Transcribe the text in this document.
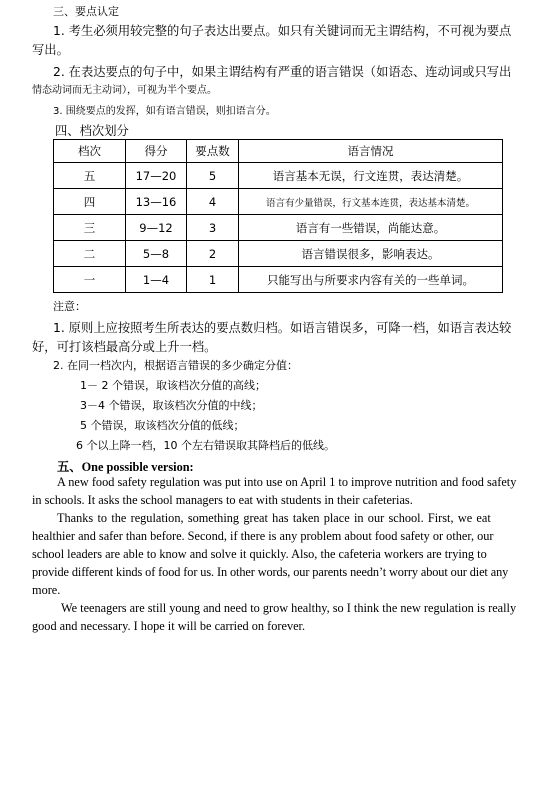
三、要点认定
1. 考生必须用较完整的句子表达出要点。如只有关键词而无主谓结构，不可视为要点
写出。
2. 在表达要点的句子中，如果主谓结构有严重的语言错误（如语态、连动词或只写出
情态动词而无主动词），可视为半个要点。
3. 围绕要点的发挥，如有语言错误，则扣语言分。
四、档次划分
档次	得分	要点数	语言情况
五	17—20	5	语言基本无误，行文连贯，表达清楚。
四	13—16	4	语言有少量错误，行文基本连贯，表达基本清楚。
三	9—12	3	语言有一些错误，尚能达意。
二	5—8	2	语言错误很多，影响表达。
一	1—4	1	只能写出与所要求内容有关的一些单词。
注意：
1. 原则上应按照考生所表达的要点数归档。如语言错误多，可降一档，如语言表达较
好，可打该档最高分或上升一档。
2. 在同一档次内，根据语言错误的多少确定分值：
1－ 2 个错误，取该档次分值的高线；
3－4 个错误，取该档次分值的中线；
5 个错误，取该档次分值的低线；
6 个以上降一档，10 个左右错误取其降档后的低线。
五、One possible version:
A new food safety regulation was put into use on April 1 to improve nutrition and food safety
in schools. It asks the school managers to eat with students in their cafeterias.
Thanks to the regulation, something great has taken place in our school. First, we eat
healthier and safer than before. Second, if there is any problem about food safety or other, our
school leaders are able to know and solve it quickly. Also, the cafeteria workers are trying to
provide different kinds of food for us. In other words, our parents needn’t worry about our diet any
more.
We teenagers are still young and need to grow healthy, so I think the new regulation is really
good and necessary. I hope it will be carried on forever.
